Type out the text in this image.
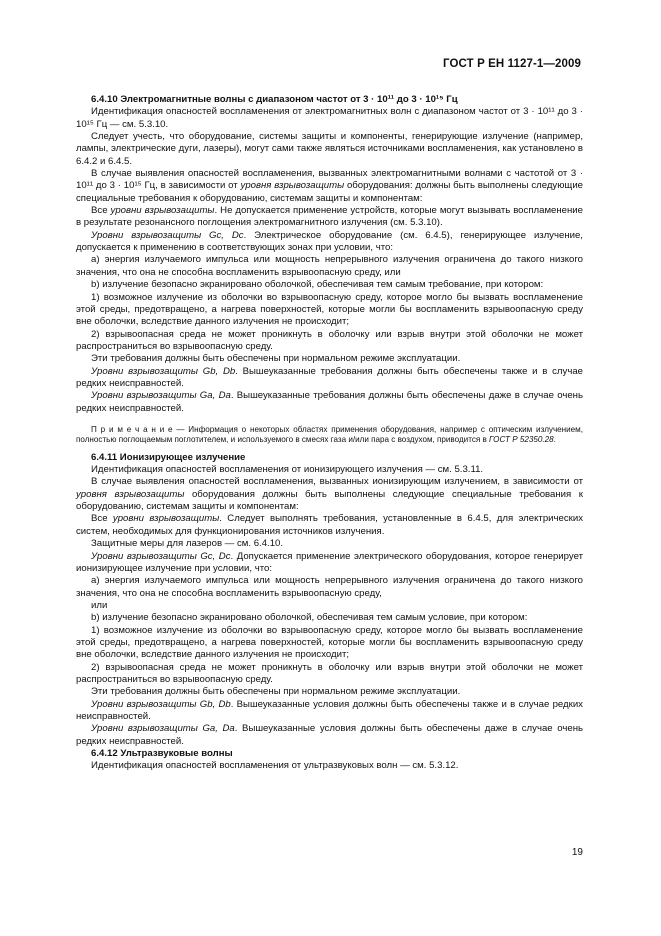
ГОСТ Р ЕН 1127-1—2009

6.4.10 Электромагнитные волны с диапазоном частот от 3 · 10¹¹ до 3 · 10¹⁵ Гц

Идентификация опасностей воспламенения от электромагнитных волн с диапазоном частот от 3 · 10¹¹ до 3 · 10¹⁵ Гц — см. 5.3.10.

Следует учесть, что оборудование, системы защиты и компоненты, генерирующие излучение (например, лампы, электрические дуги, лазеры), могут сами также являться источниками воспламенения, как установлено в 6.4.2 и 6.4.5.

В случае выявления опасностей воспламенения, вызванных электромагнитными волнами с частотой от 3 · 10¹¹ до 3 · 10¹⁵ Гц, в зависимости от уровня взрывозащиты оборудования: должны быть выполнены следующие специальные требования к оборудованию, системам защиты и компонентам:

Все уровни взрывозащиты. Не допускается применение устройств, которые могут вызывать воспламенение в результате резонансного поглощения электромагнитного излучения (см. 5.3.10).

Уровни взрывозащиты Gc, Dc. Электрическое оборудование (см. 6.4.5), генерирующее излучение, допускается к применению в соответствующих зонах при условии, что:

а) энергия излучаемого импульса или мощность непрерывного излучения ограничена до такого низкого значения, что она не способна воспламенить взрывоопасную среду, или

b) излучение безопасно экранировано оболочкой, обеспечивая тем самым требование, при котором:

1) возможное излучение из оболочки во взрывоопасную среду, которое могло бы вызвать воспламенение этой среды, предотвращено, а нагрева поверхностей, которые могли бы воспламенить взрывоопасную среду вне оболочки, вследствие данного излучения не происходит;

2) взрывоопасная среда не может проникнуть в оболочку или взрыв внутри этой оболочки не может распространиться во взрывоопасную среду.

Эти требования должны быть обеспечены при нормальном режиме эксплуатации.

Уровни взрывозащиты Gb, Db. Вышеуказанные требования должны быть обеспечены также и в случае редких неисправностей.

Уровни взрывозащиты Ga, Da. Вышеуказанные требования должны быть обеспечены даже в случае очень редких неисправностей.

П р и м е ч а н и е — Информация о некоторых областях применения оборудования, например с оптическим излучением, полностью поглощаемым поглотителем, и используемого в смесях газа и/или пара с воздухом, приводится в ГОСТ Р 52350.28.

6.4.11 Ионизирующее излучение

Идентификация опасностей воспламенения от ионизирующего излучения — см. 5.3.11.

В случае выявления опасностей воспламенения, вызванных ионизирующим излучением, в зависимости от уровня взрывозащиты оборудования должны быть выполнены следующие специальные требования к оборудованию, системам защиты и компонентам:

Все уровни взрывозащиты. Следует выполнять требования, установленные в 6.4.5, для электрических систем, необходимых для функционирования источников излучения.

Защитные меры для лазеров — см. 6.4.10.

Уровни взрывозащиты Gc, Dc. Допускается применение электрического оборудования, которое генерирует ионизирующее излучение при условии, что:

а) энергия излучаемого импульса или мощность непрерывного излучения ограничена до такого низкого значения, что она не способна воспламенить взрывоопасную среду,

или

b) излучение безопасно экранировано оболочкой, обеспечивая тем самым условие, при котором:

1) возможное излучение из оболочки во взрывоопасную среду, которое могло бы вызвать воспламенение этой среды, предотвращено, а нагрева поверхностей, которые могли бы воспламенить взрывоопасную среду вне оболочки, вследствие данного излучения не происходит;

2) взрывоопасная среда не может проникнуть в оболочку или взрыв внутри этой оболочки не может распространиться во взрывоопасную среду.

Эти требования должны быть обеспечены при нормальном режиме эксплуатации.

Уровни взрывозащиты Gb, Db. Вышеуказанные условия должны быть обеспечены также и в случае редких неисправностей.

Уровни взрывозащиты Ga, Da. Вышеуказанные условия должны быть обеспечены даже в случае очень редких неисправностей.

6.4.12 Ультразвуковые волны

Идентификация опасностей воспламенения от ультразвуковых волн — см. 5.3.12.

19
